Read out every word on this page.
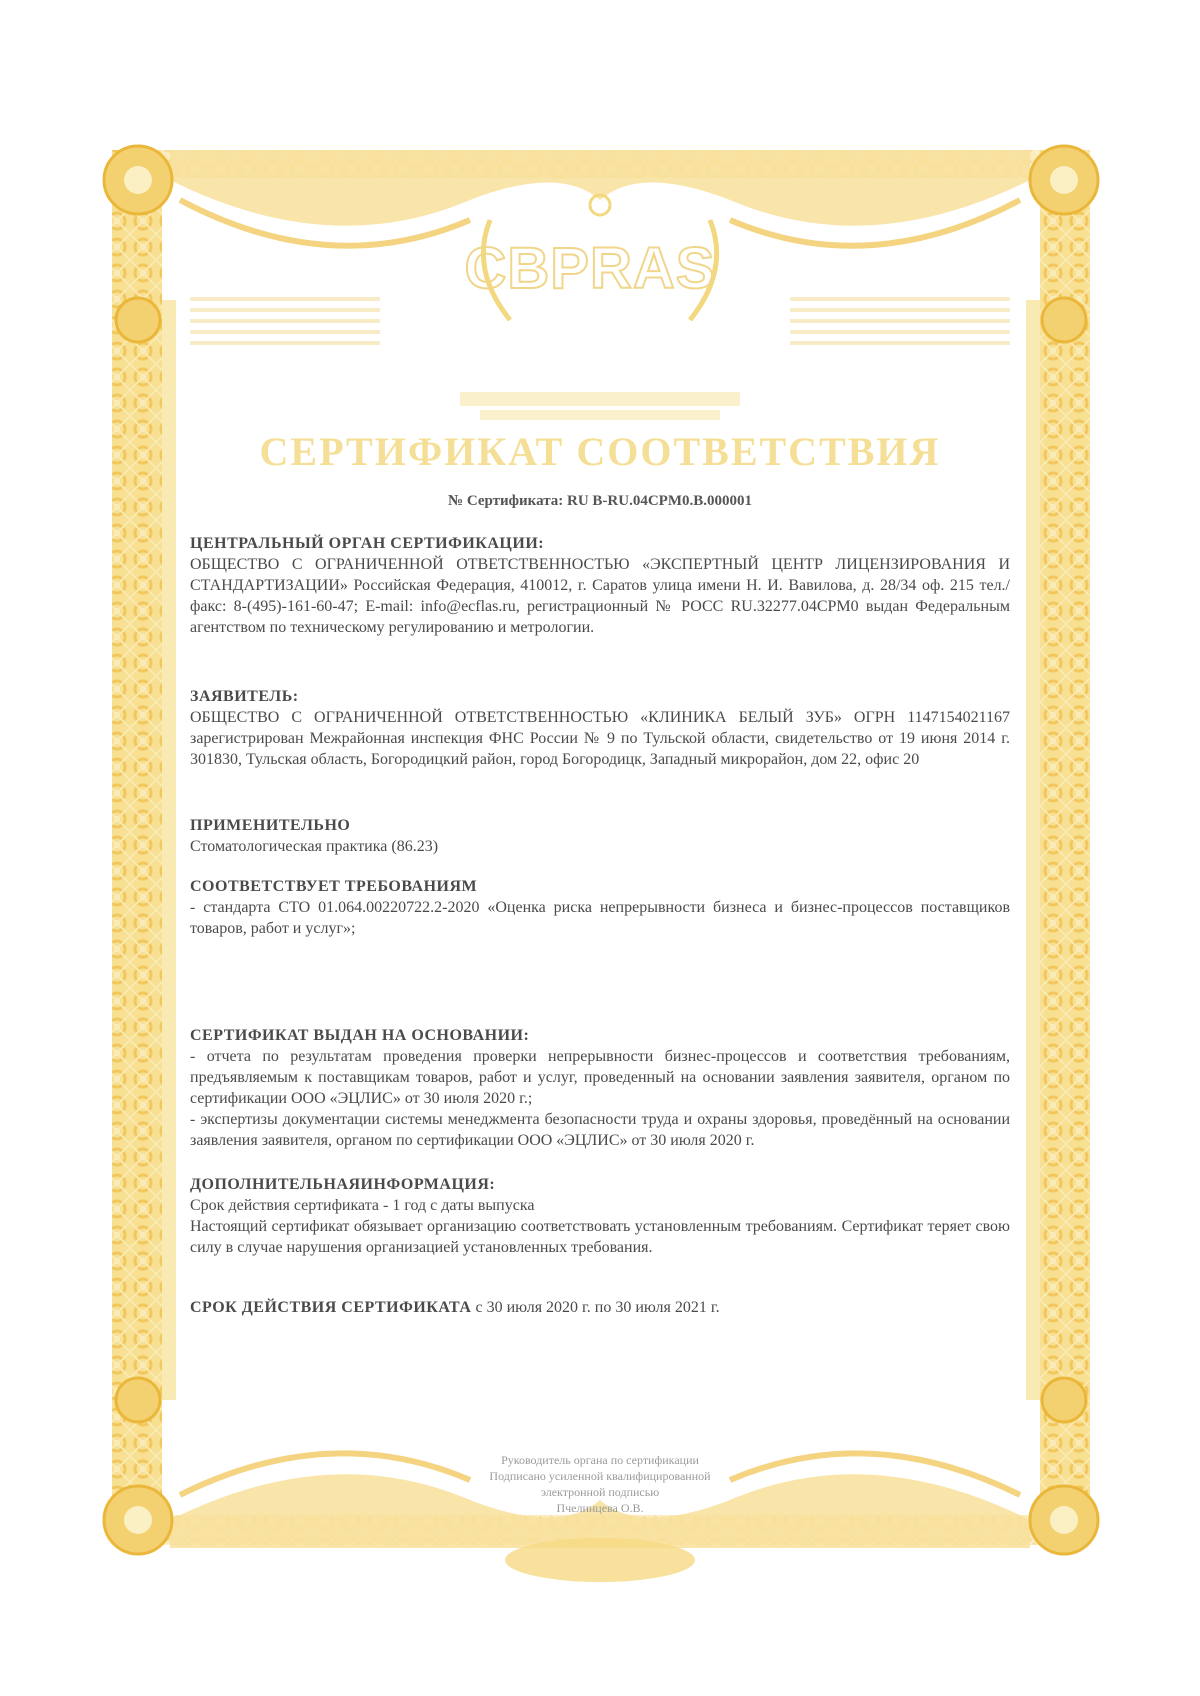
CBPRAS
СЕРТИФИКАТ СООТВЕТСТВИЯ
№ Сертификата: RU B-RU.04CPM0.B.000001
ЦЕНТРАЛЬНЫЙ ОРГАН СЕРТИФИКАЦИИ:

ОБЩЕСТВО С ОГРАНИЧЕННОЙ ОТВЕТСТВЕННОСТЬЮ «ЭКСПЕРТНЫЙ ЦЕНТР ЛИЦЕНЗИРОВАНИЯ И СТАНДАРТИЗАЦИИ» Российская Федерация, 410012, г. Саратов улица имени Н. И. Вавилова, д. 28/34 оф. 215 тел./факс: 8-(495)-161-60-47; E-mail: info@ecflas.ru, регистрационный № РОСС RU.32277.04CPM0 выдан Федеральным агентством по техническому регулированию и метрологии.

ЗАЯВИТЕЛЬ:

ОБЩЕСТВО С ОГРАНИЧЕННОЙ ОТВЕТСТВЕННОСТЬЮ «КЛИНИКА БЕЛЫЙ ЗУБ» ОГРН 1147154021167 зарегистрирован Межрайонная инспекция ФНС России № 9 по Тульской области, свидетельство от 19 июня 2014 г. 301830, Тульская область, Богородицкий район, город Богородицк, Западный микрорайон, дом 22, офис 20

ПРИМЕНИТЕЛЬНО

Стоматологическая практика (86.23)

СООТВЕТСТВУЕТ ТРЕБОВАНИЯМ

- стандарта СТО 01.064.00220722.2-2020 «Оценка риска непрерывности бизнеса и бизнес-процессов поставщиков товаров, работ и услуг»;

СЕРТИФИКАТ ВЫДАН НА ОСНОВАНИИ:

- отчета по результатам проведения проверки непрерывности бизнес-процессов и соответствия требованиям, предъявляемым к поставщикам товаров, работ и услуг, проведенный на основании заявления заявителя, органом по сертификации ООО «ЭЦЛИС» от 30 июля 2020 г.;

- экспертизы документации системы менеджмента безопасности труда и охраны здоровья, проведённый на основании заявления заявителя, органом по сертификации ООО «ЭЦЛИС» от 30 июля 2020 г.

ДОПОЛНИТЕЛЬНАЯИНФОРМАЦИЯ:

Срок действия сертификата - 1 год с даты выпуска

Настоящий сертификат обязывает организацию соответствовать установленным требованиям. Сертификат теряет свою силу в случае нарушения организацией установленных требования.

СРОК ДЕЙСТВИЯ СЕРТИФИКАТА с 30 июля 2020 г. по 30 июля 2021 г.
Руководитель органа по сертификации
Подписано усиленной квалифицированной
электронной подписью
Пчелинцева О.В.
